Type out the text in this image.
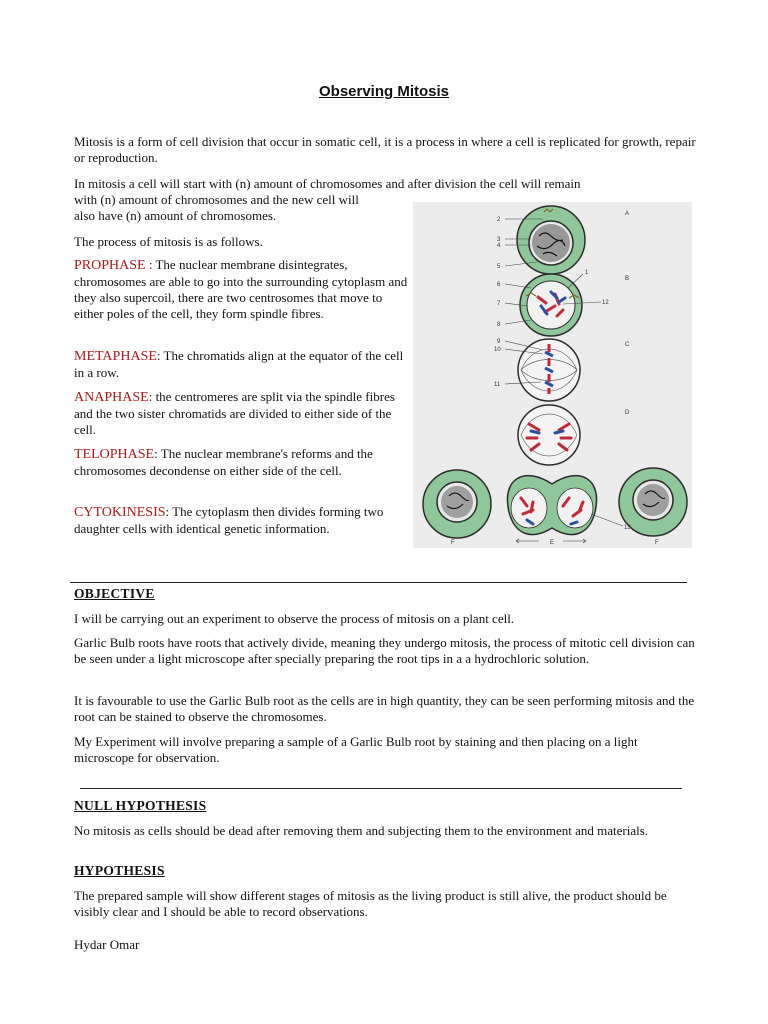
Observing Mitosis

Mitosis is a form of cell division that occur in somatic cell, it is a process in where a cell is replicated for growth, repair or reproduction.

In mitosis a cell will start with (n) amount of chromosomes and after division the cell will remain

with (n) amount of chromosomes and the new cell will

also have (n) amount of chromosomes.

The process of mitosis is as follows.

PROPHASE : The nuclear membrane disintegrates, chromosomes are able to go into the surrounding cytoplasm and they also supercoil, there are two centrosomes that move to either poles of the cell, they form spindle fibres.

METAPHASE: The chromatids align at the equator of the cell in a row.

ANAPHASE: the centromeres are split via the spindle fibres and the two sister chromatids are divided to either side of the cell.

TELOPHASE: The nuclear membrane's reforms and the chromosomes decondense on either side of the cell.

CYTOKINESIS: The cytoplasm then divides forming two daughter cells with identical genetic information.

2
3
4
5
1
6
7
8
12
9
10
11
13
A
B
C
D
E
F	F
OBJECTIVE

I will be carrying out an experiment to observe the process of mitosis on a plant cell.

Garlic Bulb roots have roots that actively divide, meaning they undergo mitosis, the process of mitotic cell division can be seen under a light microscope after specially preparing the root tips in a a hydrochloric solution.

It is favourable to use the Garlic Bulb root as the cells are in high quantity, they can be seen performing mitosis and the root can be stained to observe the chromosomes.

My Experiment will involve preparing a sample of a Garlic Bulb root by staining and then placing on a light microscope for observation.

NULL HYPOTHESIS

No mitosis as cells should be dead after removing them and subjecting them to the environment and materials.

HYPOTHESIS

The prepared sample will show different stages of mitosis as the living product is still alive, the product should be visibly clear and I should be able to record observations.

Hydar Omar
